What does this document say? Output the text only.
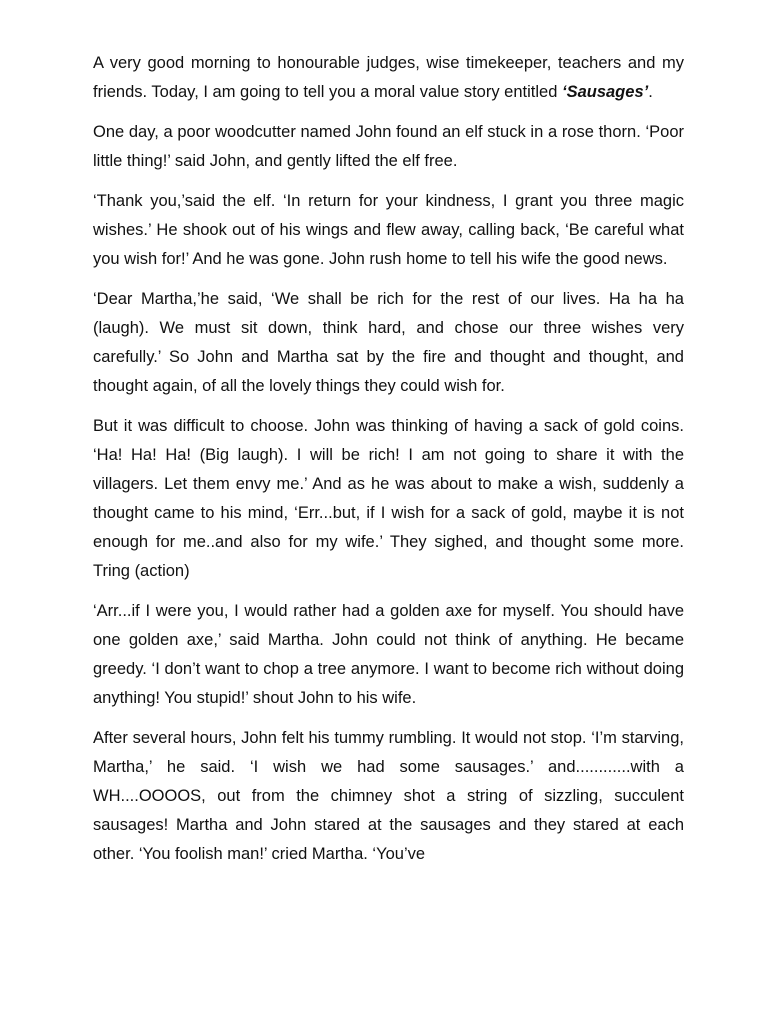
A very good morning to honourable judges, wise timekeeper, teachers and my friends. Today, I am going to tell you a moral value story entitled ‘Sausages’.

One day, a poor woodcutter named John found an elf stuck in a rose thorn. ‘Poor little thing!’ said John, and gently lifted the elf free.

‘Thank you,’said the elf. ‘In return for your kindness, I grant you three magic wishes.’ He shook out of his wings and flew away, calling back, ‘Be careful what you wish for!’ And he was gone. John rush home to tell his wife the good news.

‘Dear Martha,’he said, ‘We shall be rich for the rest of our lives. Ha ha ha (laugh). We must sit down, think hard, and chose our three wishes very carefully.’ So John and Martha sat by the fire and thought and thought, and thought again, of all the lovely things they could wish for.

But it was difficult to choose. John was thinking of having a sack of gold coins. ‘Ha! Ha! Ha! (Big laugh). I will be rich! I am not going to share it with the villagers. Let them envy me.’ And as he was about to make a wish, suddenly a thought came to his mind, ‘Err...but, if I wish for a sack of gold, maybe it is not enough for me..and also for my wife.’ They sighed, and thought some more. Tring (action)

‘Arr...if I were you, I would rather had a golden axe for myself. You should have one golden axe,’ said Martha. John could not think of anything. He became greedy. ‘I don’t want to chop a tree anymore. I want to become rich without doing anything! You stupid!’ shout John to his wife.

After several hours, John felt his tummy rumbling. It would not stop. ‘I’m starving, Martha,’ he said. ‘I wish we had some sausages.’ and............with a WH....OOOOS, out from the chimney shot a string of sizzling, succulent sausages! Martha and John stared at the sausages and they stared at each other. ‘You foolish man!’ cried Martha. ‘You’ve
